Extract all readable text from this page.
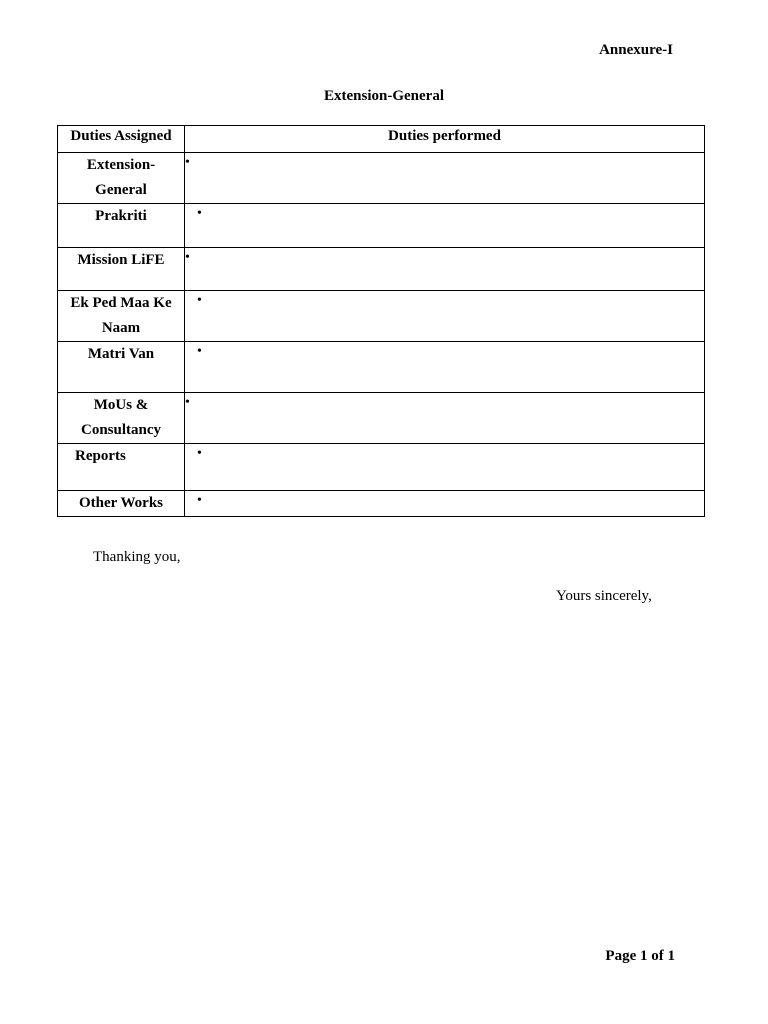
Annexure-I
Extension-General
Duties Assigned	Duties performed

Extension-
General	•

Prakriti	•

Mission LiFE	•

Ek Ped Maa Ke
Naam	•

Matri Van	•

MoUs &
Consultancy	•

Reports	•

Other Works	•
Thanking you,
Yours sincerely,
Page 1 of 1
